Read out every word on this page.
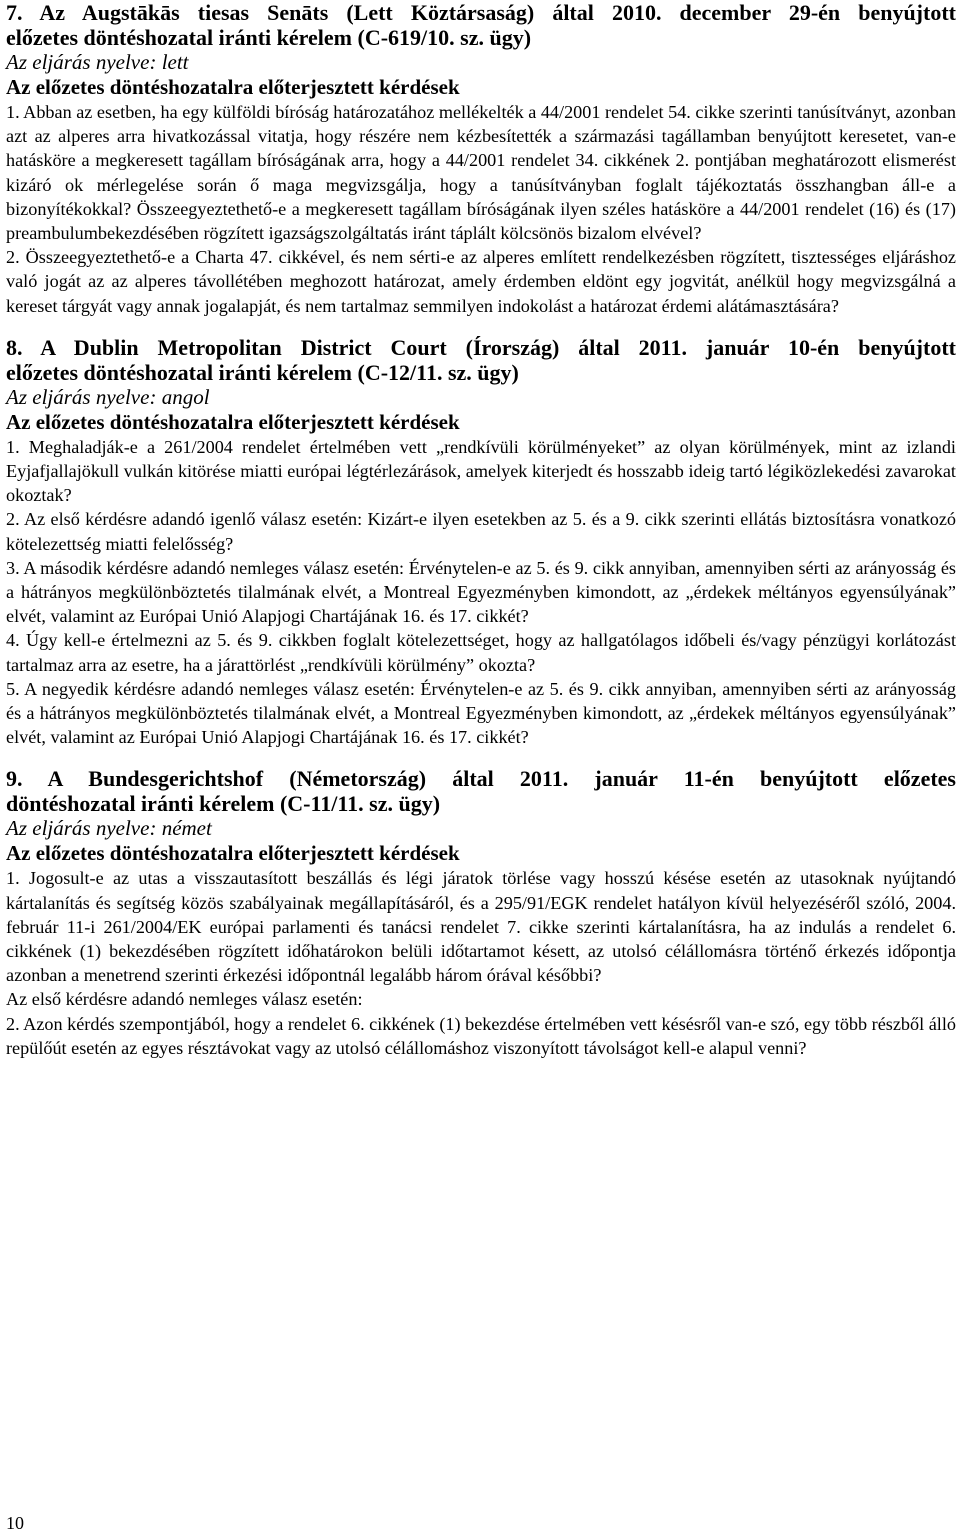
7. Az Augstākās tiesas Senāts (Lett Köztársaság) által 2010. december 29-én benyújtott
előzetes döntéshozatal iránti kérelem (C-619/10. sz. ügy)

Az eljárás nyelve: lett

Az előzetes döntéshozatalra előterjesztett kérdések

1. Abban az esetben, ha egy külföldi bíróság határozatához mellékelték a 44/2001 rendelet 54. cikke szerinti tanúsítványt, azonban azt az alperes arra hivatkozással vitatja, hogy részére nem kézbesítették a származási tagállamban benyújtott keresetet, van-e hatásköre a megkeresett tagállam bíróságának arra, hogy a 44/2001 rendelet 34. cikkének 2. pontjában meghatározott elismerést kizáró ok mérlegelése során ő maga megvizsgálja, hogy a tanúsítványban foglalt tájékoztatás összhangban áll-e a bizonyítékokkal? Összeegyeztethető-e a megkeresett tagállam bíróságának ilyen széles hatásköre a 44/2001 rendelet (16) és (17) preambulumbekezdésében rögzített igazságszolgáltatás iránt táplált kölcsönös bizalom elvével?

2. Összeegyeztethető-e a Charta 47. cikkével, és nem sérti-e az alperes említett rendelkezésben rögzített, tisztességes eljáráshoz való jogát az az alperes távollétében meghozott határozat, amely érdemben eldönt egy jogvitát, anélkül hogy megvizsgálná a kereset tárgyát vagy annak jogalapját, és nem tartalmaz semmilyen indokolást a határozat érdemi alátámasztására?

8. A Dublin Metropolitan District Court (Írország) által 2011. január 10-én benyújtott
előzetes döntéshozatal iránti kérelem (C-12/11. sz. ügy)

Az eljárás nyelve: angol

Az előzetes döntéshozatalra előterjesztett kérdések

1. Meghaladják-e a 261/2004 rendelet értelmében vett „rendkívüli körülményeket” az olyan körülmények, mint az izlandi Eyjafjallajökull vulkán kitörése miatti európai légtérlezárások, amelyek kiterjedt és hosszabb ideig tartó légiközlekedési zavarokat okoztak?

2. Az első kérdésre adandó igenlő válasz esetén: Kizárt-e ilyen esetekben az 5. és a 9. cikk szerinti ellátás biztosításra vonatkozó kötelezettség miatti felelősség?

3. A második kérdésre adandó nemleges válasz esetén: Érvénytelen-e az 5. és 9. cikk annyiban, amennyiben sérti az arányosság és a hátrányos megkülönböztetés tilalmának elvét, a Montreal Egyezményben kimondott, az „érdekek méltányos egyensúlyának” elvét, valamint az Európai Unió Alapjogi Chartájának 16. és 17. cikkét?

4. Úgy kell-e értelmezni az 5. és 9. cikkben foglalt kötelezettséget, hogy az hallgatólagos időbeli és/vagy pénzügyi korlátozást tartalmaz arra az esetre, ha a járattörlést „rendkívüli körülmény” okozta?

5. A negyedik kérdésre adandó nemleges válasz esetén: Érvénytelen-e az 5. és 9. cikk annyiban, amennyiben sérti az arányosság és a hátrányos megkülönböztetés tilalmának elvét, a Montreal Egyezményben kimondott, az „érdekek méltányos egyensúlyának” elvét, valamint az Európai Unió Alapjogi Chartájának 16. és 17. cikkét?

9. A Bundesgerichtshof (Németország) által 2011. január 11-én benyújtott előzetes
döntéshozatal iránti kérelem (C-11/11. sz. ügy)

Az eljárás nyelve: német

Az előzetes döntéshozatalra előterjesztett kérdések

1. Jogosult-e az utas a visszautasított beszállás és légi járatok törlése vagy hosszú késése esetén az utasoknak nyújtandó kártalanítás és segítség közös szabályainak megállapításáról, és a 295/91/EGK rendelet hatályon kívül helyezéséről szóló, 2004. február 11-i 261/2004/EK európai parlamenti és tanácsi rendelet 7. cikke szerinti kártalanításra, ha az indulás a rendelet 6. cikkének (1) bekezdésében rögzített időhatárokon belüli időtartamot késett, az utolsó célállomásra történő érkezés időpontja azonban a menetrend szerinti érkezési időpontnál legalább három órával későbbi?

Az első kérdésre adandó nemleges válasz esetén:

2. Azon kérdés szempontjából, hogy a rendelet 6. cikkének (1) bekezdése értelmében vett késésről van-e szó, egy több részből álló repülőút esetén az egyes résztávokat vagy az utolsó célállomáshoz viszonyított távolságot kell-e alapul venni?

10
